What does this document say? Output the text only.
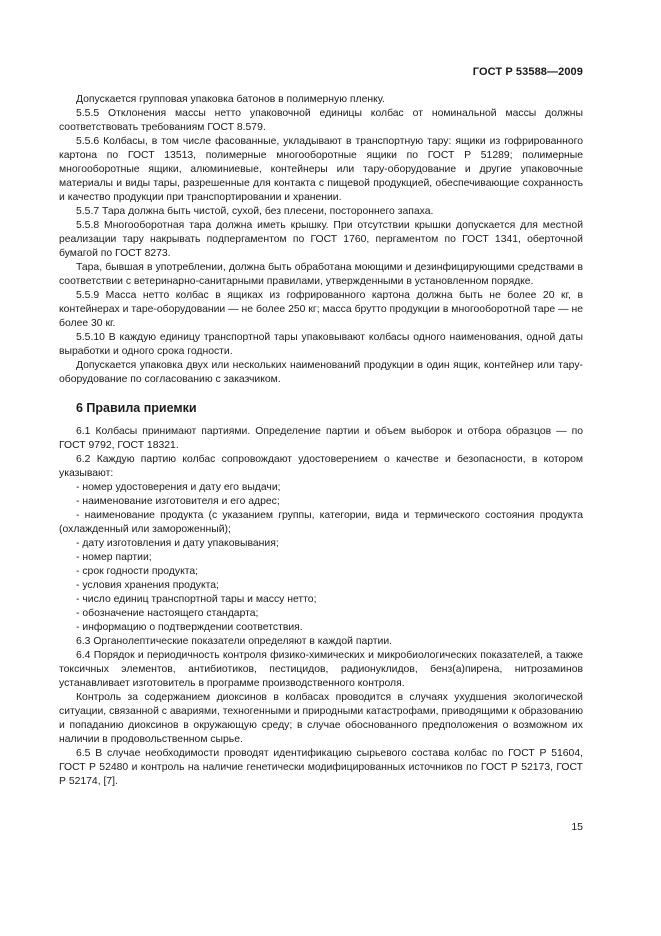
ГОСТ Р 53588—2009

Допускается групповая упаковка батонов в полимерную пленку.

5.5.5 Отклонения массы нетто упаковочной единицы колбас от номинальной массы должны соответствовать требованиям ГОСТ 8.579.

5.5.6 Колбасы, в том числе фасованные, укладывают в транспортную тару: ящики из гофрированного картона по ГОСТ 13513, полимерные многооборотные ящики по ГОСТ Р 51289; полимерные многооборотные ящики, алюминиевые, контейнеры или тару-оборудование и другие упаковочные материалы и виды тары, разрешенные для контакта с пищевой продукцией, обеспечивающие сохранность и качество продукции при транспортировании и хранении.

5.5.7 Тара должна быть чистой, сухой, без плесени, постороннего запаха.

5.5.8 Многооборотная тара должна иметь крышку. При отсутствии крышки допускается для местной реализации тару накрывать подпергаментом по ГОСТ 1760, пергаментом по ГОСТ 1341, оберточной бумагой по ГОСТ 8273.

Тара, бывшая в употреблении, должна быть обработана моющими и дезинфицирующими средствами в соответствии с ветеринарно-санитарными правилами, утвержденными в установленном порядке.

5.5.9 Масса нетто колбас в ящиках из гофрированного картона должна быть не более 20 кг, в контейнерах и таре-оборудовании — не более 250 кг; масса брутто продукции в многооборотной таре — не более 30 кг.

5.5.10 В каждую единицу транспортной тары упаковывают колбасы одного наименования, одной даты выработки и одного срока годности.

Допускается упаковка двух или нескольких наименований продукции в один ящик, контейнер или тару-оборудование по согласованию с заказчиком.

6 Правила приемки

6.1 Колбасы принимают партиями. Определение партии и объем выборок и отбора образцов — по ГОСТ 9792, ГОСТ 18321.

6.2 Каждую партию колбас сопровождают удостоверением о качестве и безопасности, в котором указывают:

- номер удостоверения и дату его выдачи;

- наименование изготовителя и его адрес;

- наименование продукта (с указанием группы, категории, вида и термического состояния продукта (охлажденный или замороженный);

- дату изготовления и дату упаковывания;

- номер партии;

- срок годности продукта;

- условия хранения продукта;

- число единиц транспортной тары и массу нетто;

- обозначение настоящего стандарта;

- информацию о подтверждении соответствия.

6.3 Органолептические показатели определяют в каждой партии.

6.4 Порядок и периодичность контроля физико-химических и микробиологических показателей, а также токсичных элементов, антибиотиков, пестицидов, радионуклидов, бенз(а)пирена, нитрозаминов устанавливает изготовитель в программе производственного контроля.

Контроль за содержанием диоксинов в колбасах проводится в случаях ухудшения экологической ситуации, связанной с авариями, техногенными и природными катастрофами, приводящими к образованию и попаданию диоксинов в окружающую среду; в случае обоснованного предположения о возможном их наличии в продовольственном сырье.

6.5 В случае необходимости проводят идентификацию сырьевого состава колбас по ГОСТ Р 51604, ГОСТ Р 52480 и контроль на наличие генетически модифицированных источников по ГОСТ Р 52173, ГОСТ Р 52174, [7].

15
